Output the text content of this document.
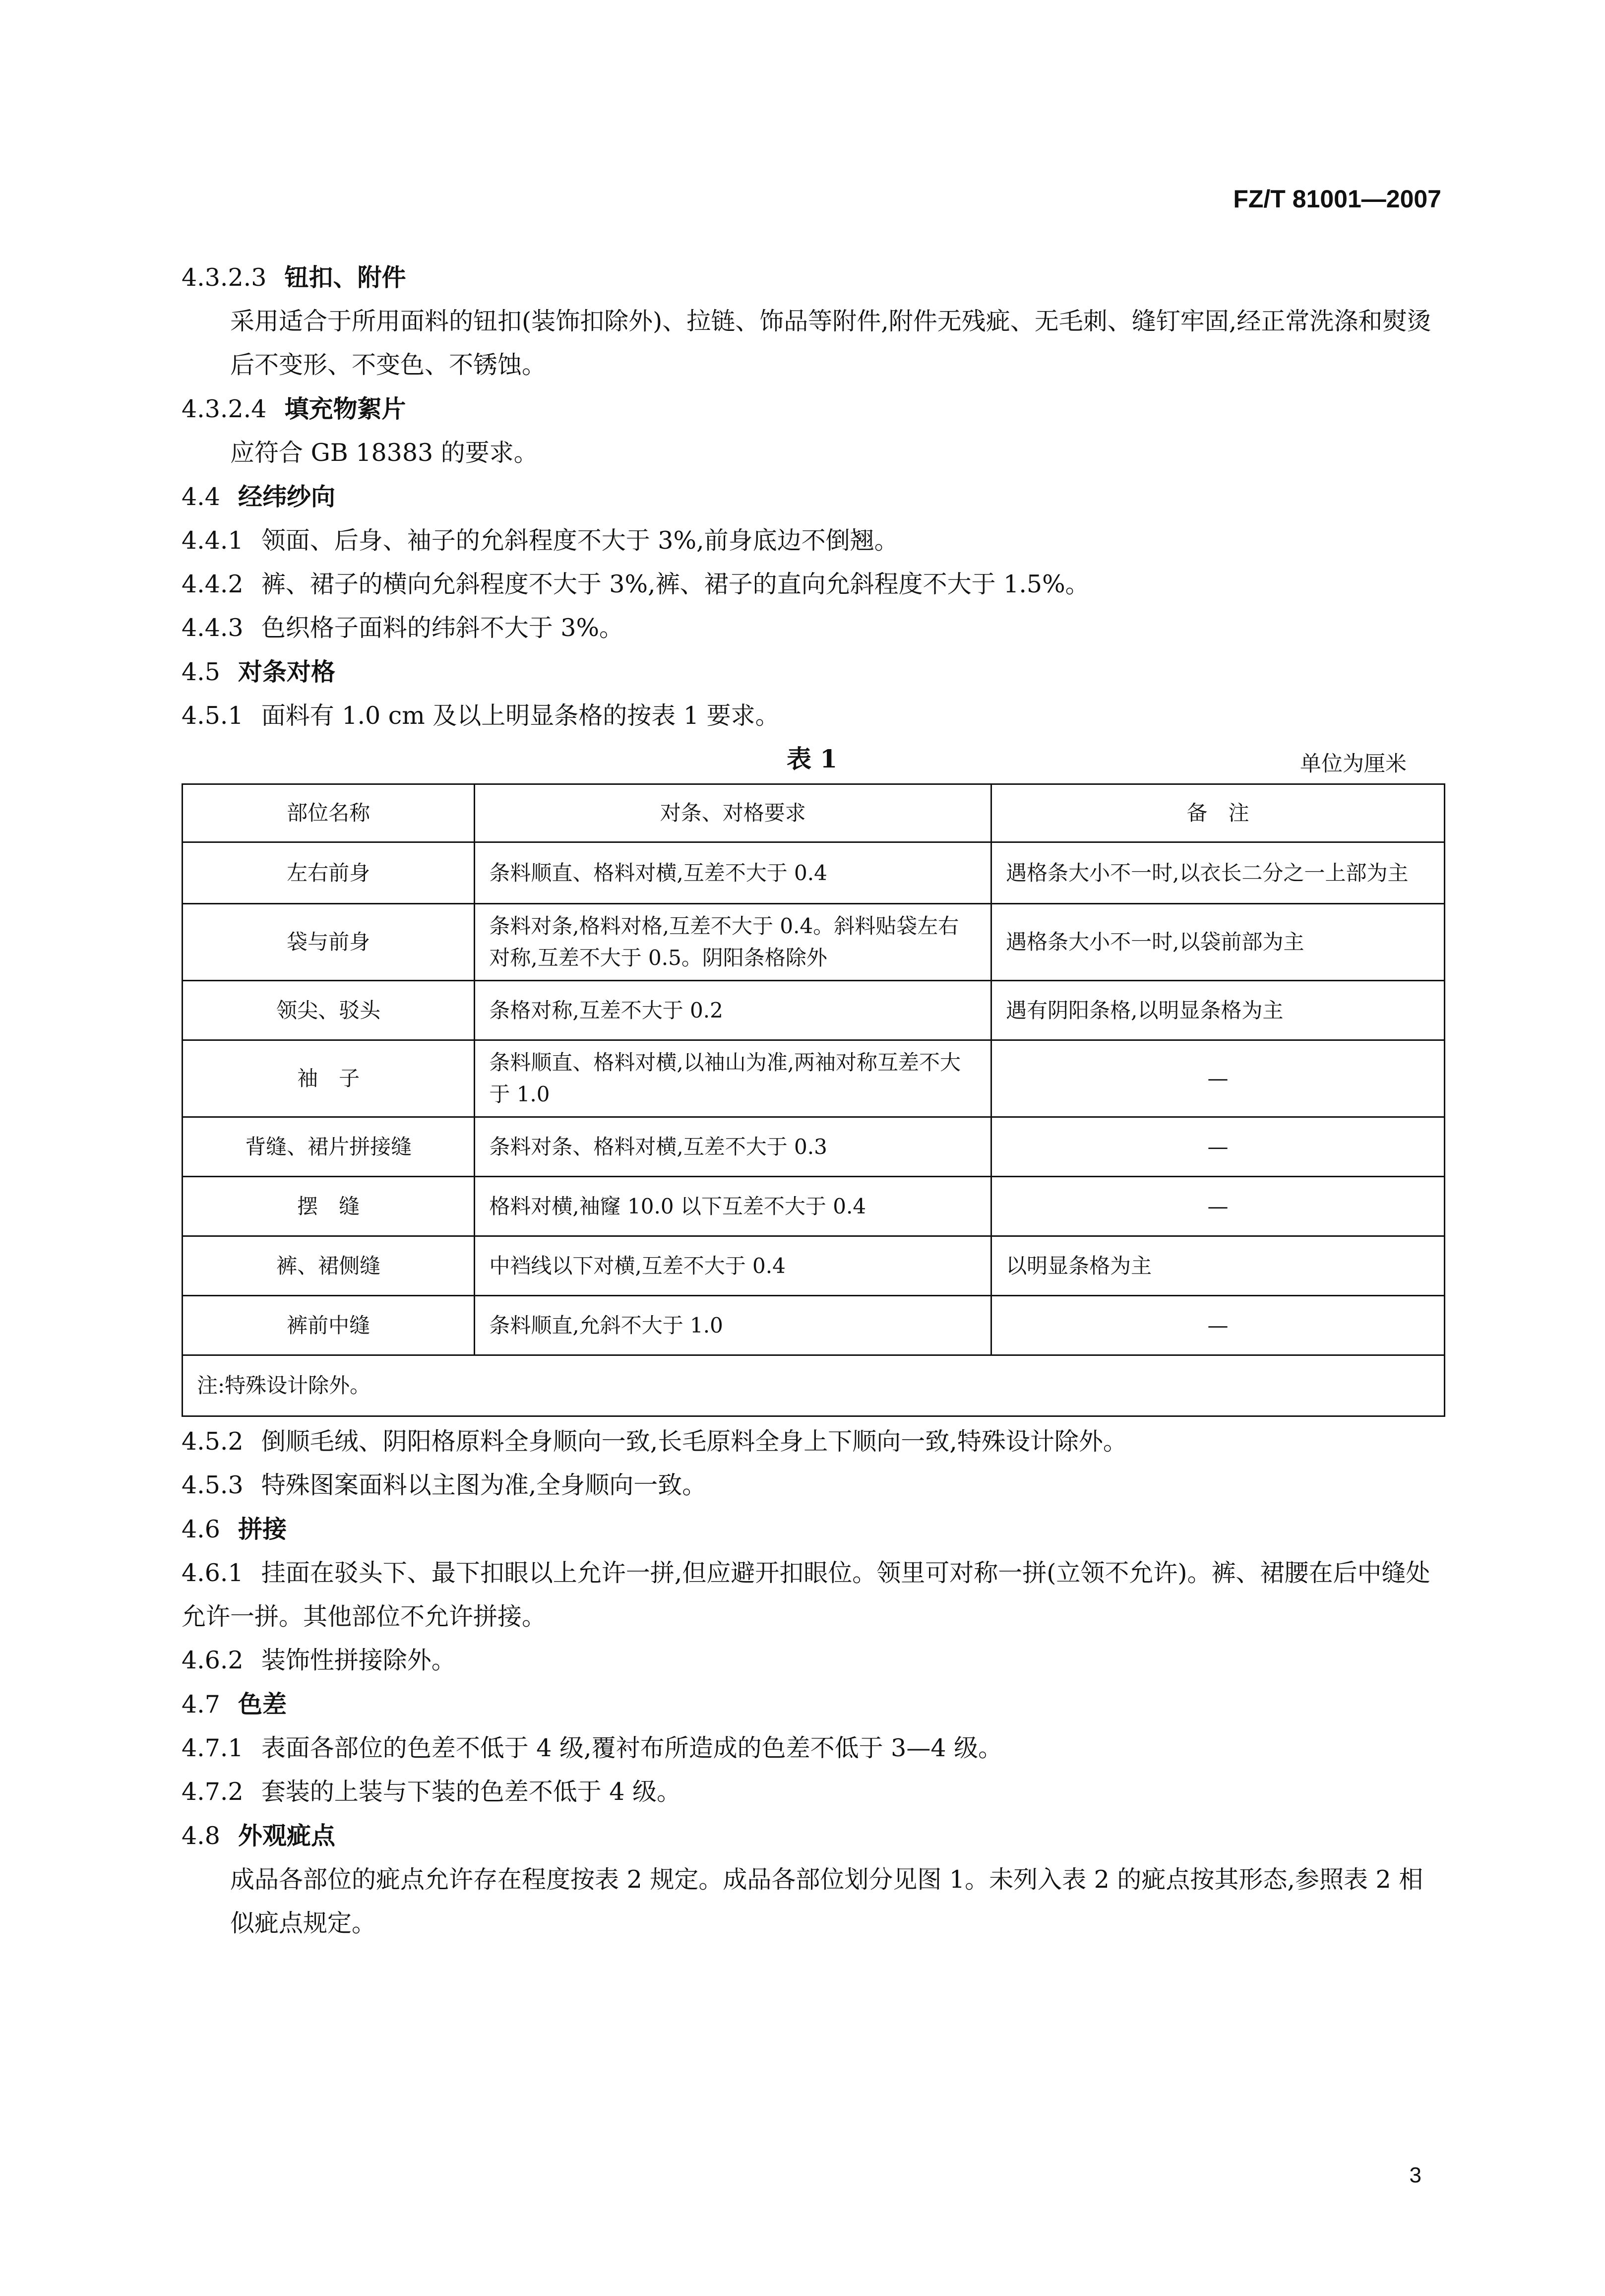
FZ/T 81001—2007
4.3.2.3 钮扣、附件
采用适合于所用面料的钮扣(装饰扣除外)、拉链、饰品等附件,附件无残疵、无毛刺、缝钉牢固,经正常洗涤和熨烫后不变形、不变色、不锈蚀。
4.3.2.4 填充物絮片
应符合 GB 18383 的要求。
4.4 经纬纱向
4.4.1 领面、后身、袖子的允斜程度不大于 3%,前身底边不倒翘。
4.4.2 裤、裙子的横向允斜程度不大于 3%,裤、裙子的直向允斜程度不大于 1.5%。
4.4.3 色织格子面料的纬斜不大于 3%。
4.5 对条对格
4.5.1 面料有 1.0 cm 及以上明显条格的按表 1 要求。
表 1	单位为厘米
部位名称	对条、对格要求	备　注
左右前身	条料顺直、格料对横,互差不大于 0.4	遇格条大小不一时,以衣长二分之一上部为主
袋与前身	条料对条,格料对格,互差不大于 0.4。斜料贴袋左右对称,互差不大于 0.5。阴阳条格除外	遇格条大小不一时,以袋前部为主
领尖、驳头	条格对称,互差不大于 0.2	遇有阴阳条格,以明显条格为主
袖　子	条料顺直、格料对横,以袖山为准,两袖对称互差不大于 1.0	—
背缝、裙片拼接缝	条料对条、格料对横,互差不大于 0.3	—
摆　缝	格料对横,袖窿 10.0 以下互差不大于 0.4	—
裤、裙侧缝	中裆线以下对横,互差不大于 0.4	以明显条格为主
裤前中缝	条料顺直,允斜不大于 1.0	—
注:特殊设计除外。		
4.5.2 倒顺毛绒、阴阳格原料全身顺向一致,长毛原料全身上下顺向一致,特殊设计除外。
4.5.3 特殊图案面料以主图为准,全身顺向一致。
4.6 拼接
4.6.1 挂面在驳头下、最下扣眼以上允许一拼,但应避开扣眼位。领里可对称一拼(立领不允许)。裤、裙腰在后中缝处允许一拼。其他部位不允许拼接。
4.6.2 装饰性拼接除外。
4.7 色差
4.7.1 表面各部位的色差不低于 4 级,覆衬布所造成的色差不低于 3—4 级。
4.7.2 套装的上装与下装的色差不低于 4 级。
4.8 外观疵点
成品各部位的疵点允许存在程度按表 2 规定。成品各部位划分见图 1。未列入表 2 的疵点按其形态,参照表 2 相似疵点规定。
3
